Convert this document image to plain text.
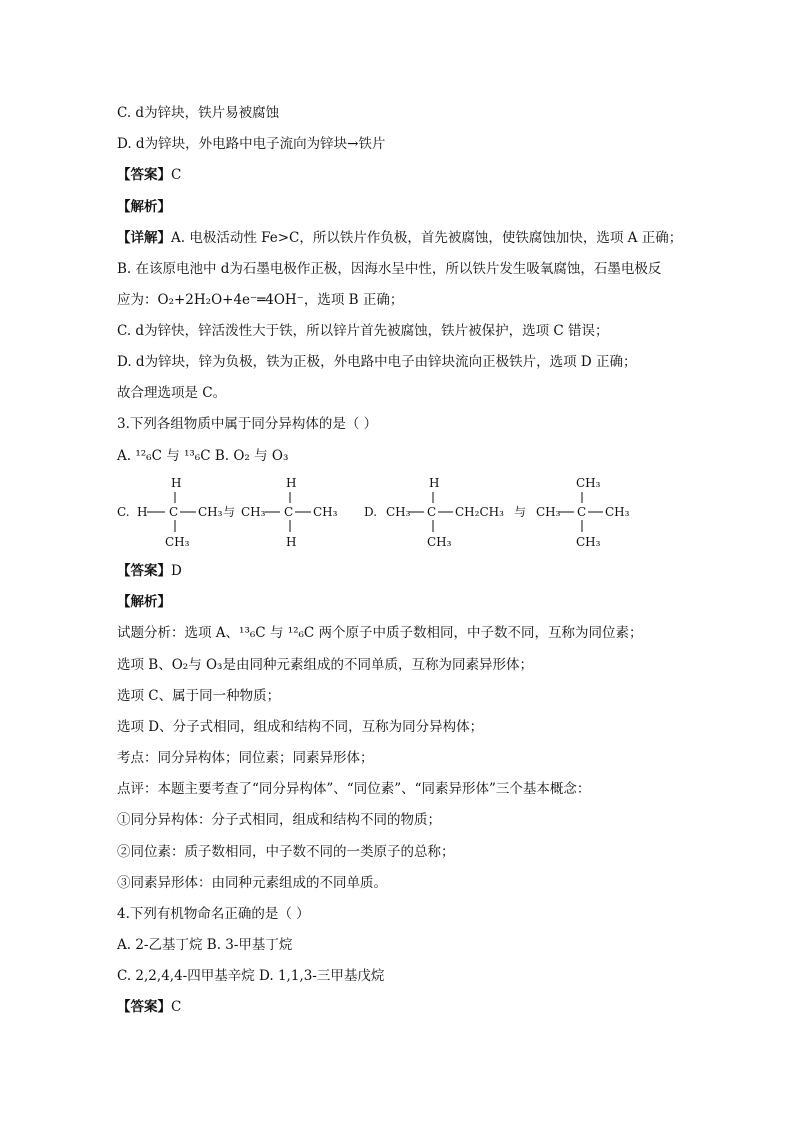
C. d为锌块，铁片易被腐蚀
D. d为锌块，外电路中电子流向为锌块→铁片
【答案】C
【解析】
【详解】A. 电极活动性 Fe>C，所以铁片作负极，首先被腐蚀，使铁腐蚀加快，选项 A 正确；
B. 在该原电池中 d为石墨电极作正极，因海水呈中性，所以铁片发生吸氧腐蚀，石墨电极反
应为：O₂+2H₂O+4e⁻═4OH⁻，选项 B 正确；
C. d为锌快，锌活泼性大于铁，所以锌片首先被腐蚀，铁片被保护，选项 C 错误；
D. d为锌块，锌为负极，铁为正极，外电路中电子由锌块流向正极铁片，选项 D 正确；
故合理选项是 C。
3.下列各组物质中属于同分异构体的是（ ）
A. ¹²₆C 与 ¹³₆C B. O₂ 与 O₃
C.
H
H C CH₃
CH₃
与
H
CH₃ C CH₃
H
D.
H
CH₃ C CH₂CH₃
CH₃
与
CH₃
CH₃ C CH₃
CH₃
【答案】D
【解析】
试题分析：选项 A、¹³₆C 与 ¹²₆C 两个原子中质子数相同，中子数不同，互称为同位素；
选项 B、O₂与 O₃是由同种元素组成的不同单质，互称为同素异形体；
选项 C、属于同一种物质；
选项 D、分子式相同，组成和结构不同，互称为同分异构体；
考点：同分异构体；同位素；同素异形体；
点评：本题主要考查了“同分异构体”、“同位素”、“同素异形体”三个基本概念：
①同分异构体：分子式相同，组成和结构不同的物质；
②同位素：质子数相同，中子数不同的一类原子的总称；
③同素异形体：由同种元素组成的不同单质。
4.下列有机物命名正确的是（ ）
A. 2-乙基丁烷 B. 3-甲基丁烷
C. 2,2,4,4-四甲基辛烷 D. 1,1,3-三甲基戊烷
【答案】C
